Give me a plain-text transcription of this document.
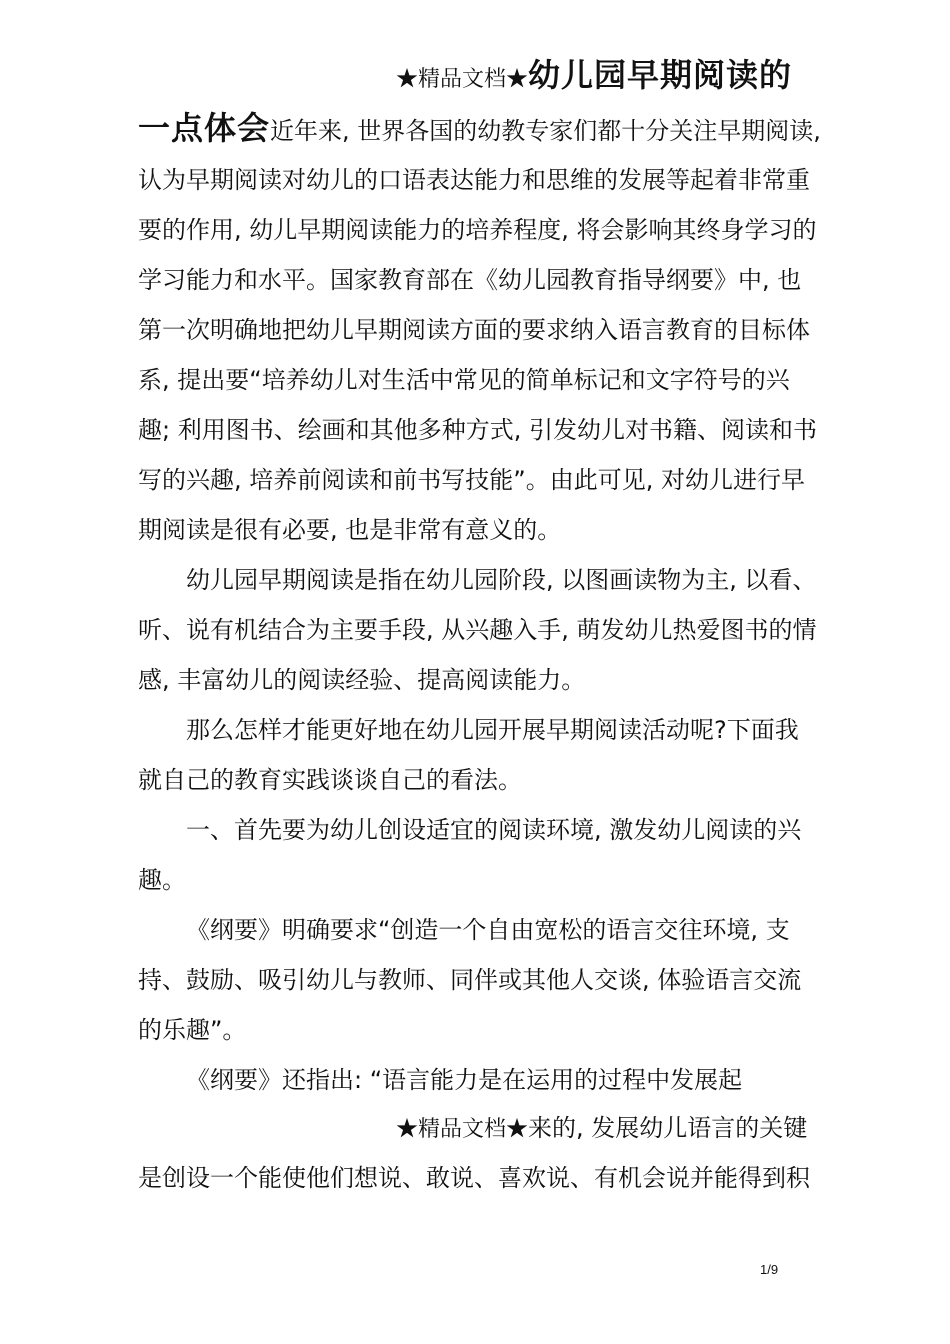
★精品文档★幼儿园早期阅读的
一点体会近年来, 世界各国的幼教专家们都十分关注早期阅读,
认为早期阅读对幼儿的口语表达能力和思维的发展等起着非常重
要的作用, 幼儿早期阅读能力的培养程度, 将会影响其终身学习的
学习能力和水平。国家教育部在《幼儿园教育指导纲要》中, 也
第一次明确地把幼儿早期阅读方面的要求纳入语言教育的目标体
系, 提出要“培养幼儿对生活中常见的简单标记和文字符号的兴
趣; 利用图书、绘画和其他多种方式, 引发幼儿对书籍、阅读和书
写的兴趣, 培养前阅读和前书写技能”。由此可见, 对幼儿进行早
期阅读是很有必要, 也是非常有意义的。
幼儿园早期阅读是指在幼儿园阶段, 以图画读物为主, 以看、
听、说有机结合为主要手段, 从兴趣入手, 萌发幼儿热爱图书的情
感, 丰富幼儿的阅读经验、提高阅读能力。
那么怎样才能更好地在幼儿园开展早期阅读活动呢?下面我
就自己的教育实践谈谈自己的看法。
一、首先要为幼儿创设适宜的阅读环境, 激发幼儿阅读的兴
趣。
《纲要》明确要求“创造一个自由宽松的语言交往环境, 支
持、鼓励、吸引幼儿与教师、同伴或其他人交谈, 体验语言交流
的乐趣”。
《纲要》还指出: “语言能力是在运用的过程中发展起
★精品文档★来的, 发展幼儿语言的关键
是创设一个能使他们想说、敢说、喜欢说、有机会说并能得到积
1/9
